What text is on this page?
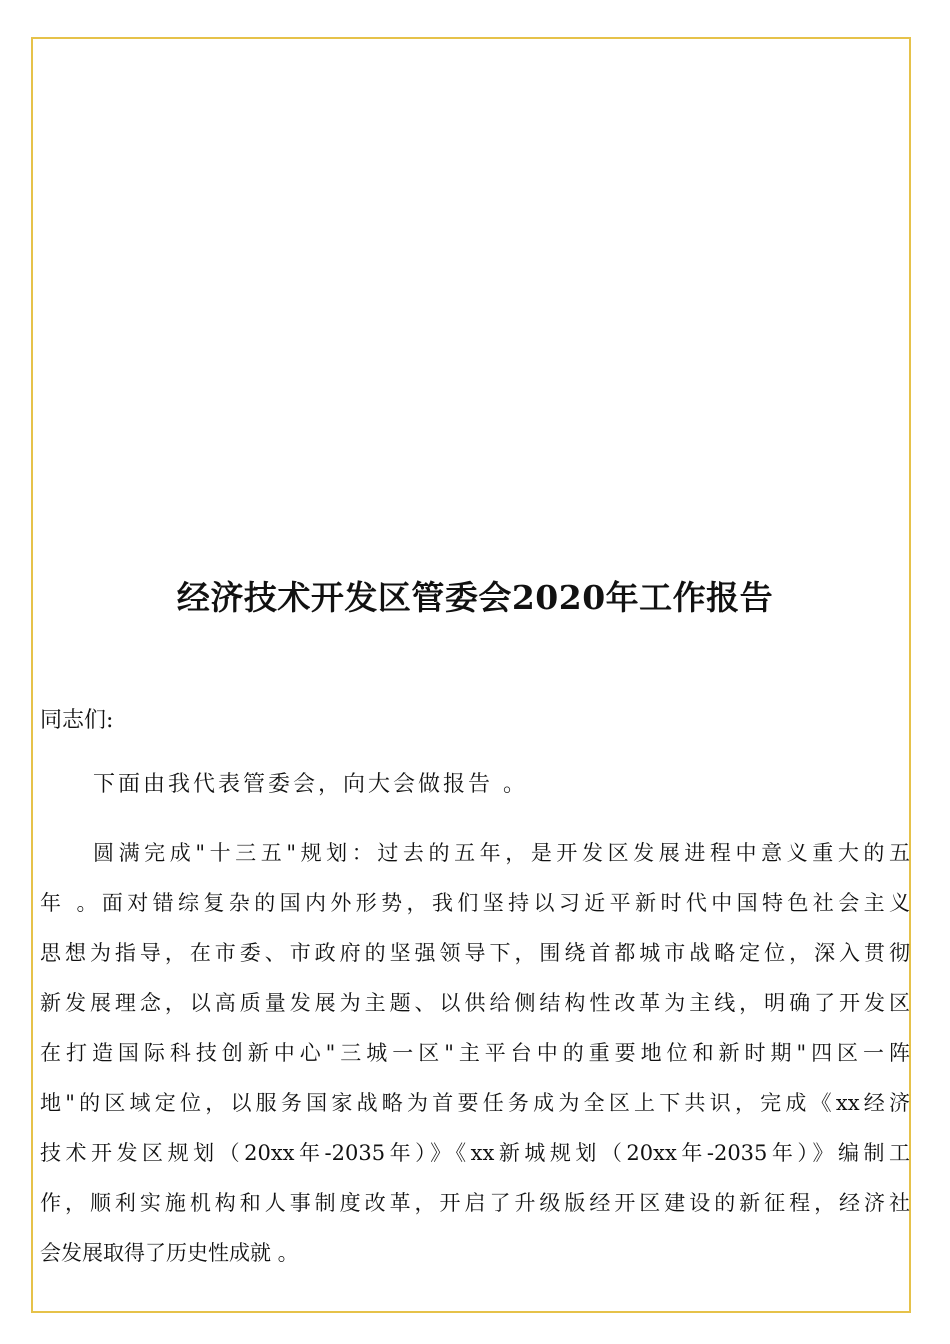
经济技术开发区管委会2020年工作报告
同志们:
下面由我代表管委会，向大会做报告 。
圆满完成"十三五"规划：过去的五年，是开发区发展进程中意义重大的五
年 。面对错综复杂的国内外形势，我们坚持以习近平新时代中国特色社会主义
思想为指导，在市委、市政府的坚强领导下，围绕首都城市战略定位，深入贯彻
新发展理念，以高质量发展为主题、以供给侧结构性改革为主线，明确了开发区
在打造国际科技创新中心"三城一区"主平台中的重要地位和新时期"四区一阵
地"的区域定位，以服务国家战略为首要任务成为全区上下共识，完成《xx经济
技术开发区规划（20xx年-2035年）》《xx新城规划（20xx年-2035年）》编制工
作，顺利实施机构和人事制度改革，开启了升级版经开区建设的新征程，经济社
会发展取得了历史性成就 。
